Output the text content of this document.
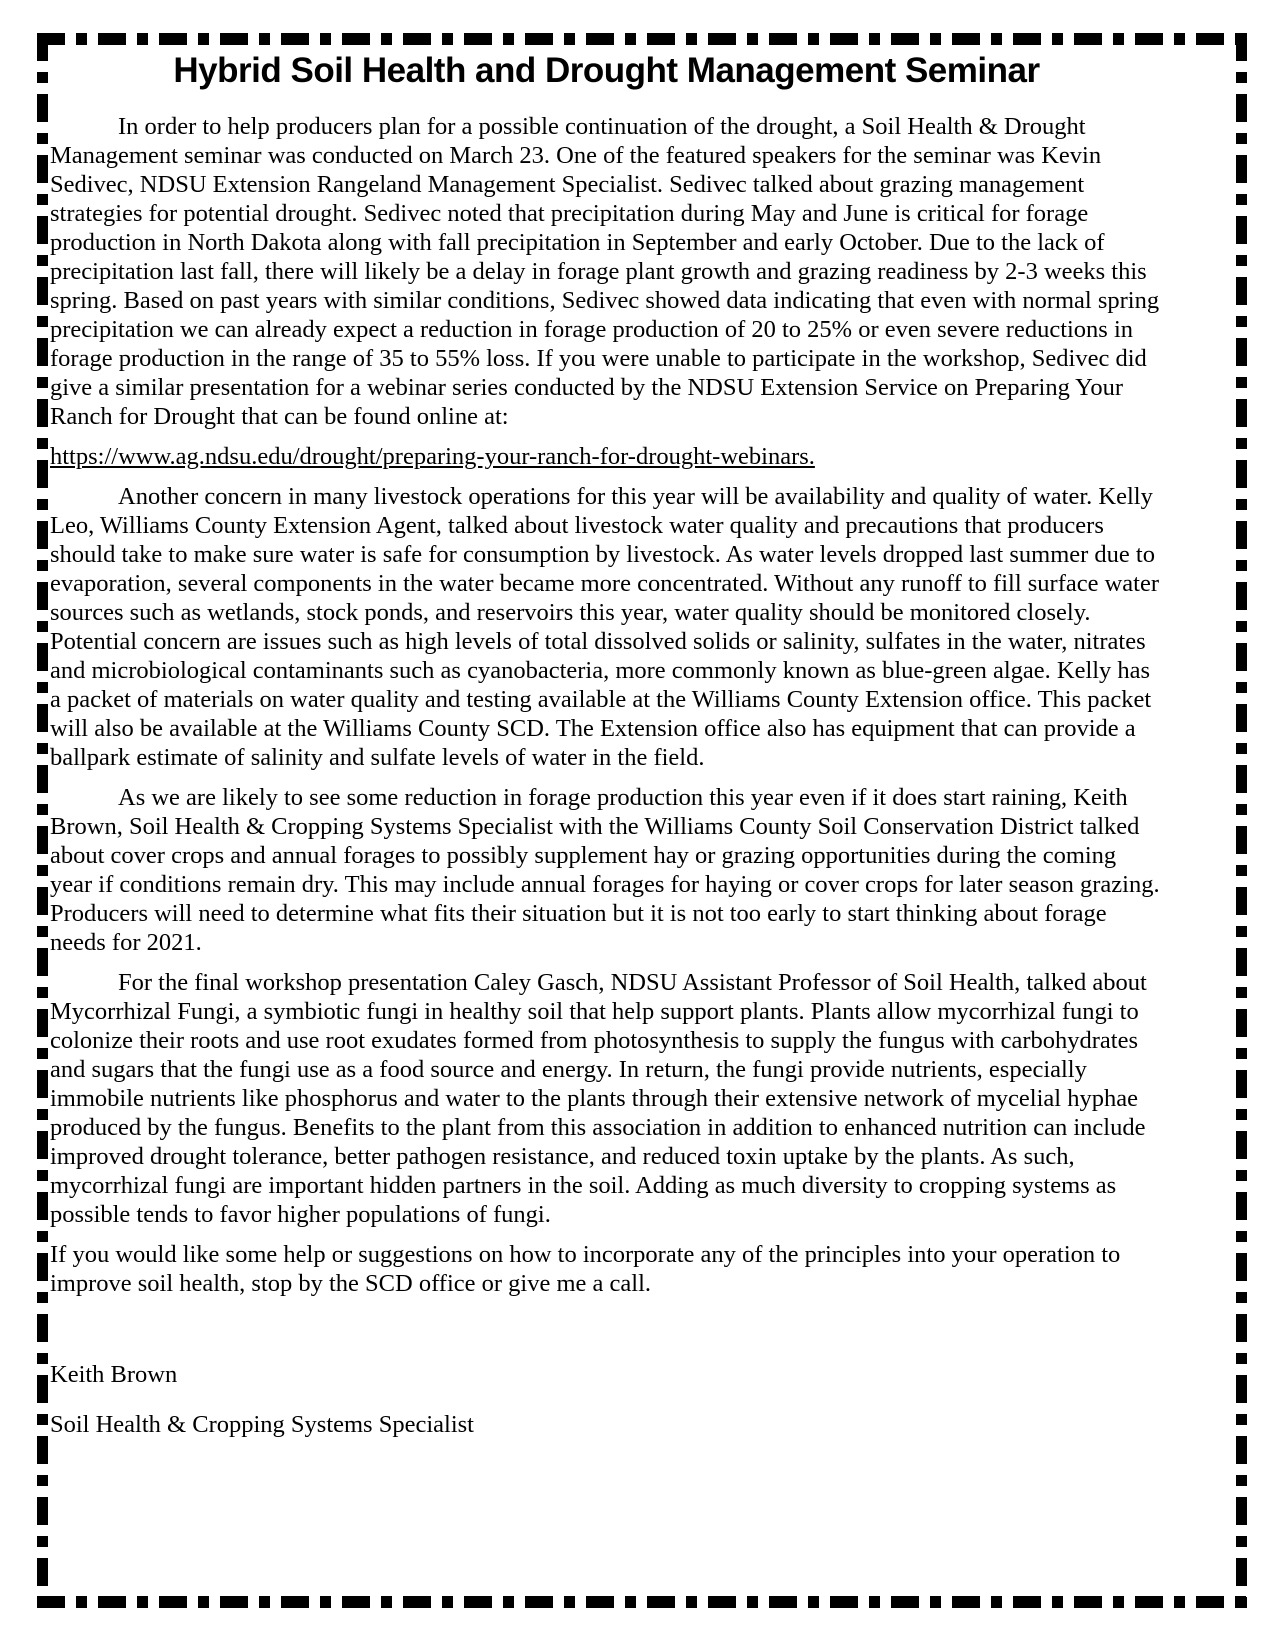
Hybrid Soil Health and Drought Management Seminar

In order to help producers plan for a possible continuation of the drought, a Soil Health & Drought Management seminar was conducted on March 23. One of the featured speakers for the seminar was Kevin Sedivec, NDSU Extension Rangeland Management Specialist. Sedivec talked about grazing management strategies for potential drought. Sedivec noted that precipitation during May and June is critical for forage production in North Dakota along with fall precipitation in September and early October. Due to the lack of precipitation last fall, there will likely be a delay in forage plant growth and grazing readiness by 2-3 weeks this spring. Based on past years with similar conditions, Sedivec showed data indicating that even with normal spring precipitation we can already expect a reduction in forage production of 20 to 25% or even severe reductions in forage production in the range of 35 to 55% loss. If you were unable to participate in the workshop, Sedivec did give a similar presentation for a webinar series conducted by the NDSU Extension Service on Preparing Your Ranch for Drought that can be found online at:

https://www.ag.ndsu.edu/drought/preparing-your-ranch-for-drought-webinars.

Another concern in many livestock operations for this year will be availability and quality of water. Kelly Leo, Williams County Extension Agent, talked about livestock water quality and precautions that producers should take to make sure water is safe for consumption by livestock. As water levels dropped last summer due to evaporation, several components in the water became more concentrated. Without any runoff to fill surface water sources such as wetlands, stock ponds, and reservoirs this year, water quality should be monitored closely. Potential concern are issues such as high levels of total dissolved solids or salinity, sulfates in the water, nitrates and microbiological contaminants such as cyanobacteria, more commonly known as blue-green algae. Kelly has a packet of materials on water quality and testing available at the Williams County Extension office. This packet will also be available at the Williams County SCD. The Extension office also has equipment that can provide a ballpark estimate of salinity and sulfate levels of water in the field.

As we are likely to see some reduction in forage production this year even if it does start raining, Keith Brown, Soil Health & Cropping Systems Specialist with the Williams County Soil Conservation District talked about cover crops and annual forages to possibly supplement hay or grazing opportunities during the coming year if conditions remain dry. This may include annual forages for haying or cover crops for later season grazing. Producers will need to determine what fits their situation but it is not too early to start thinking about forage needs for 2021.

For the final workshop presentation Caley Gasch, NDSU Assistant Professor of Soil Health, talked about Mycorrhizal Fungi, a symbiotic fungi in healthy soil that help support plants. Plants allow mycorrhizal fungi to colonize their roots and use root exudates formed from photosynthesis to supply the fungus with carbohydrates and sugars that the fungi use as a food source and energy. In return, the fungi provide nutrients, especially immobile nutrients like phosphorus and water to the plants through their extensive network of mycelial hyphae produced by the fungus. Benefits to the plant from this association in addition to enhanced nutrition can include improved drought tolerance, better pathogen resistance, and reduced toxin uptake by the plants. As such, mycorrhizal fungi are important hidden partners in the soil. Adding as much diversity to cropping systems as possible tends to favor higher populations of fungi.

If you would like some help or suggestions on how to incorporate any of the principles into your operation to improve soil health, stop by the SCD office or give me a call.

Keith Brown

Soil Health & Cropping Systems Specialist
